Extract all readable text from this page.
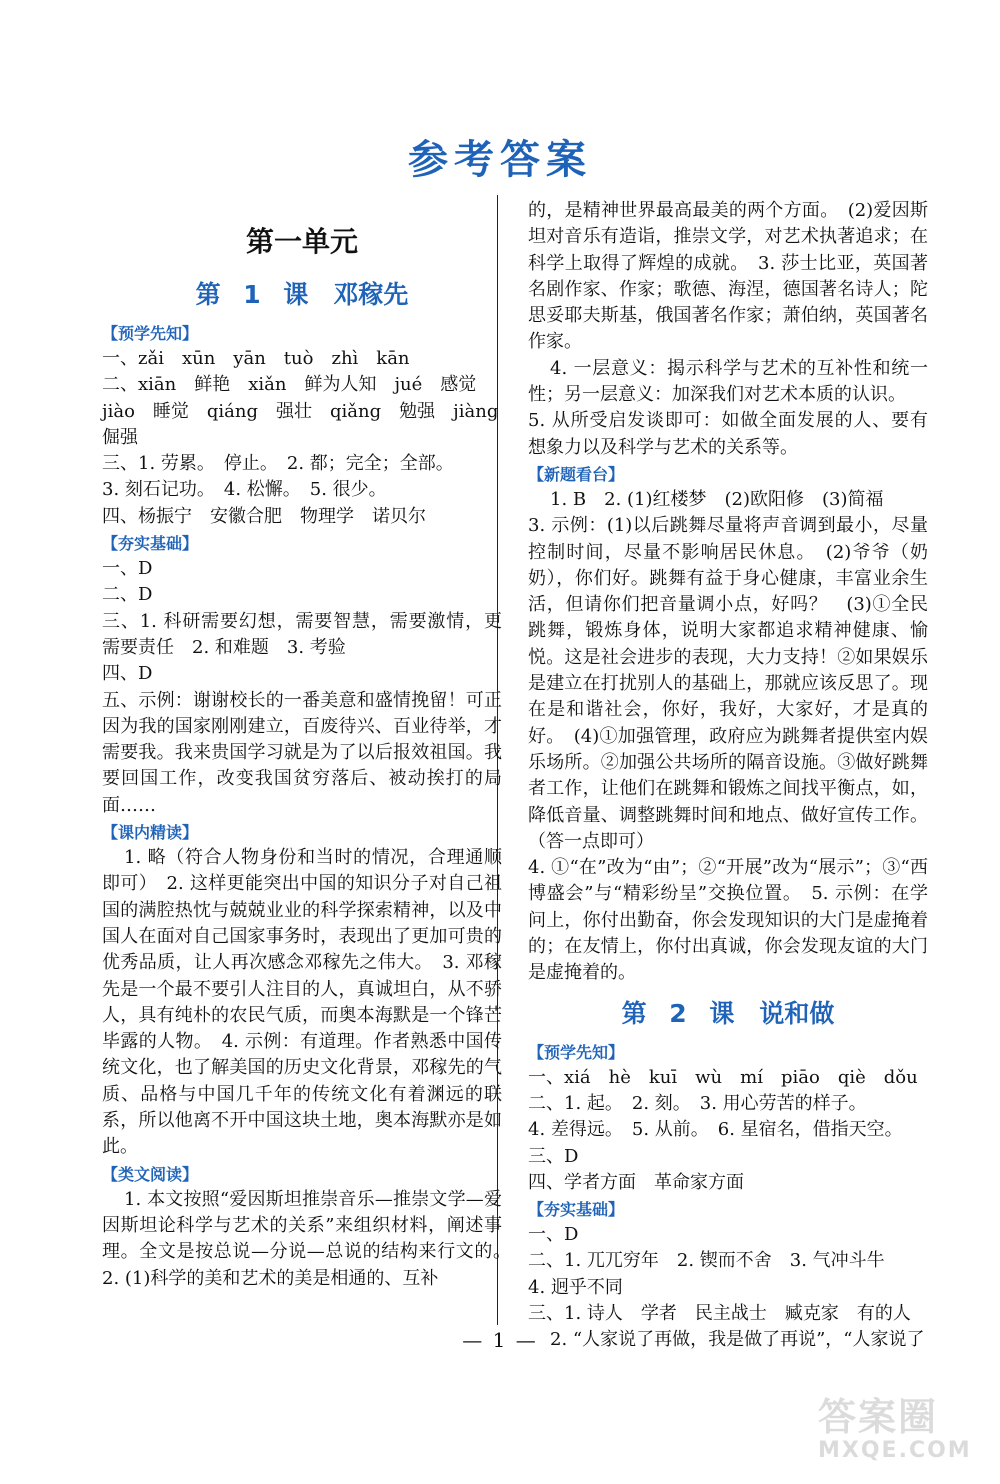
参考答案
第一单元
第 1 课　邓稼先
【预学先知】

一、zǎi　xūn　yān　tuò　zhì　kān

二、xiān　鲜艳　xiǎn　鲜为人知　jué　感觉

jiào　睡觉　qiáng　强壮　qiǎng　勉强　jiàng

倔强

三、1. 劳累。　停止。　2. 都；完全；全部。

3. 刻石记功。　4. 松懈。　5. 很少。

四、杨振宁　安徽合肥　物理学　诺贝尔

【夯实基础】

一、D

二、D

三、1. 科研需要幻想，需要智慧，需要激情，更需要责任　2. 和难题　3. 考验

四、D

五、示例：谢谢校长的一番美意和盛情挽留！可正因为我的国家刚刚建立，百废待兴、百业待举，才需要我。我来贵国学习就是为了以后报效祖国。我要回国工作，改变我国贫穷落后、被动挨打的局面……

【课内精读】

1. 略（符合人物身份和当时的情况，合理通顺即可）　2. 这样更能突出中国的知识分子对自己祖国的满腔热忱与兢兢业业的科学探索精神，以及中国人在面对自己国家事务时，表现出了更加可贵的优秀品质，让人再次感念邓稼先之伟大。　3. 邓稼先是一个最不要引人注目的人，真诚坦白，从不骄人，具有纯朴的农民气质，而奥本海默是一个锋芒毕露的人物。　4. 示例：有道理。作者熟悉中国传统文化，也了解美国的历史文化背景，邓稼先的气质、品格与中国几千年的传统文化有着渊远的联系，所以他离不开中国这块土地，奥本海默亦是如此。

【类文阅读】

1. 本文按照“爱因斯坦推崇音乐—推崇文学—爱因斯坦论科学与艺术的关系”来组织材料，阐述事理。全文是按总说—分说—总说的结构来行文的。　2. (1)科学的美和艺术的美是相通的、互补

的，是精神世界最高最美的两个方面。　(2)爱因斯坦对音乐有造诣，推崇文学，对艺术执著追求；在科学上取得了辉煌的成就。　3. 莎士比亚，英国著名剧作家、作家；歌德、海涅，德国著名诗人；陀思妥耶夫斯基，俄国著名作家；萧伯纳，英国著名作家。

4. 一层意义：揭示科学与艺术的互补性和统一性；另一层意义：加深我们对艺术本质的认识。

5. 从所受启发谈即可：如做全面发展的人、要有想象力以及科学与艺术的关系等。

【新题看台】

1. B　2. (1)红楼梦　(2)欧阳修　(3)简福

3. 示例：(1)以后跳舞尽量将声音调到最小，尽量控制时间，尽量不影响居民休息。　(2)爷爷（奶奶），你们好。跳舞有益于身心健康，丰富业余生活，但请你们把音量调小点，好吗？　(3)①全民跳舞，锻炼身体，说明大家都追求精神健康、愉悦。这是社会进步的表现，大力支持！②如果娱乐是建立在打扰别人的基础上，那就应该反思了。现在是和谐社会，你好，我好，大家好，才是真的好。　(4)①加强管理，政府应为跳舞者提供室内娱乐场所。②加强公共场所的隔音设施。③做好跳舞者工作，让他们在跳舞和锻炼之间找平衡点，如，降低音量、调整跳舞时间和地点、做好宣传工作。（答一点即可）

4. ①“在”改为“由”；②“开展”改为“展示”；③“西博盛会”与“精彩纷呈”交换位置。　5. 示例：在学问上，你付出勤奋，你会发现知识的大门是虚掩着的；在友情上，你付出真诚，你会发现友谊的大门是虚掩着的。

第 2 课　说和做
【预学先知】

一、xiá　hè　kuī　wù　mí　piāo　qiè　dǒu

二、1. 起。　2. 刻。　3. 用心劳苦的样子。

4. 差得远。　5. 从前。　6. 星宿名，借指天空。

三、D

四、学者方面　革命家方面

【夯实基础】

一、D

二、1. 兀兀穷年　2. 锲而不舍　3. 气冲斗牛

4. 迥乎不同

三、1. 诗人　学者　民主战士　臧克家　有的人

2. “人家说了再做，我是做了再说”，“人家说了

— 1 —
答案圈
MXQE.COM
